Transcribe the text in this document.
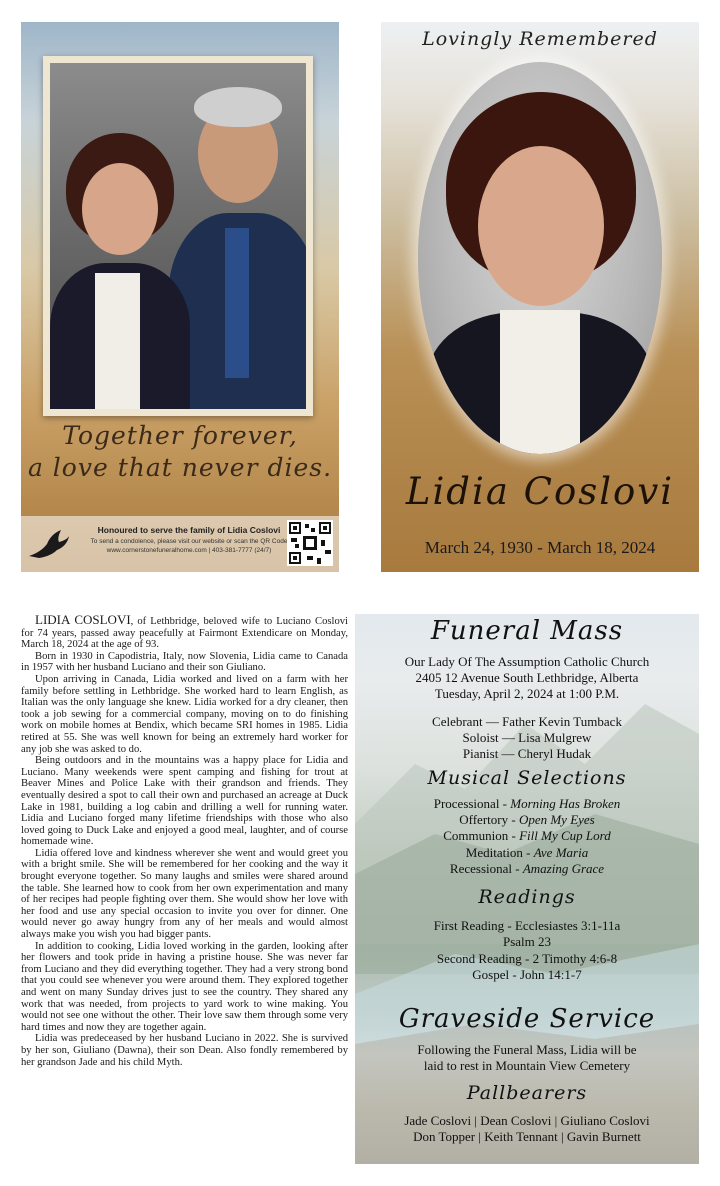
Together forever,
a love that never dies.
Honoured to serve the family of Lidia Coslovi
To send a condolence, please visit our website or scan the QR Code
www.cornerstonefuneralhome.com | 403-381-7777 (24/7)
Lovingly Remembered
Lidia Coslovi
March 24, 1930 - March 18, 2024

LIDIA COSLOVI, of Lethbridge, beloved wife to Luciano Coslovi for 74 years, passed away peacefully at Fairmont Extendicare on Monday, March 18, 2024 at the age of 93.

Born in 1930 in Capodistria, Italy, now Slovenia, Lidia came to Canada in 1957 with her husband Luciano and their son Giuliano.

Upon arriving in Canada, Lidia worked and lived on a farm with her family before settling in Lethbridge. She worked hard to learn English, as Italian was the only language she knew. Lidia worked for a dry cleaner, then took a job sewing for a commercial company, moving on to do finishing work on mobile homes at Bendix, which became SRI homes in 1985. Lidia retired at 55. She was well known for being an extremely hard worker for any job she was asked to do.

Being outdoors and in the mountains was a happy place for Lidia and Luciano. Many weekends were spent camping and fishing for trout at Beaver Mines and Police Lake with their grandson and friends. They eventually desired a spot to call their own and purchased an acreage at Duck Lake in 1981, building a log cabin and drilling a well for running water. Lidia and Luciano forged many lifetime friendships with those who also loved going to Duck Lake and enjoyed a good meal, laughter, and of course homemade wine.

Lidia offered love and kindness wherever she went and would greet you with a bright smile. She will be remembered for her cooking and the way it brought everyone together. So many laughs and smiles were shared around the table. She learned how to cook from her own experimentation and many of her recipes had people fighting over them. She would show her love with her food and use any special occasion to invite you over for dinner. One would never go away hungry from any of her meals and would almost always make you wish you had bigger pants.

In addition to cooking, Lidia loved working in the garden, looking after her flowers and took pride in having a pristine house. She was never far from Luciano and they did everything together. They had a very strong bond that you could see whenever you were around them. They explored together and went on many Sunday drives just to see the country. They shared any work that was needed, from projects to yard work to wine making. You would not see one without the other. Their love saw them through some very hard times and now they are together again.

Lidia was predeceased by her husband Luciano in 2022. She is survived by her son, Giuliano (Dawna), their son Dean. Also fondly remembered by her grandson Jade and his child Myth.

Funeral Mass
Our Lady Of The Assumption Catholic Church
2405 12 Avenue South Lethbridge, Alberta
Tuesday, April 2, 2024 at 1:00 P.M.
Celebrant — Father Kevin Tumback
Soloist — Lisa Mulgrew
Pianist — Cheryl Hudak
Musical Selections
Processional - Morning Has Broken
Offertory - Open My Eyes
Communion - Fill My Cup Lord
Meditation - Ave Maria
Recessional - Amazing Grace
Readings
First Reading - Ecclesiastes 3:1-11a
Psalm 23
Second Reading - 2 Timothy 4:6-8
Gospel - John 14:1-7
Graveside Service
Following the Funeral Mass, Lidia will be
laid to rest in Mountain View Cemetery
Pallbearers
Jade Coslovi | Dean Coslovi | Giuliano Coslovi
Don Topper | Keith Tennant | Gavin Burnett
